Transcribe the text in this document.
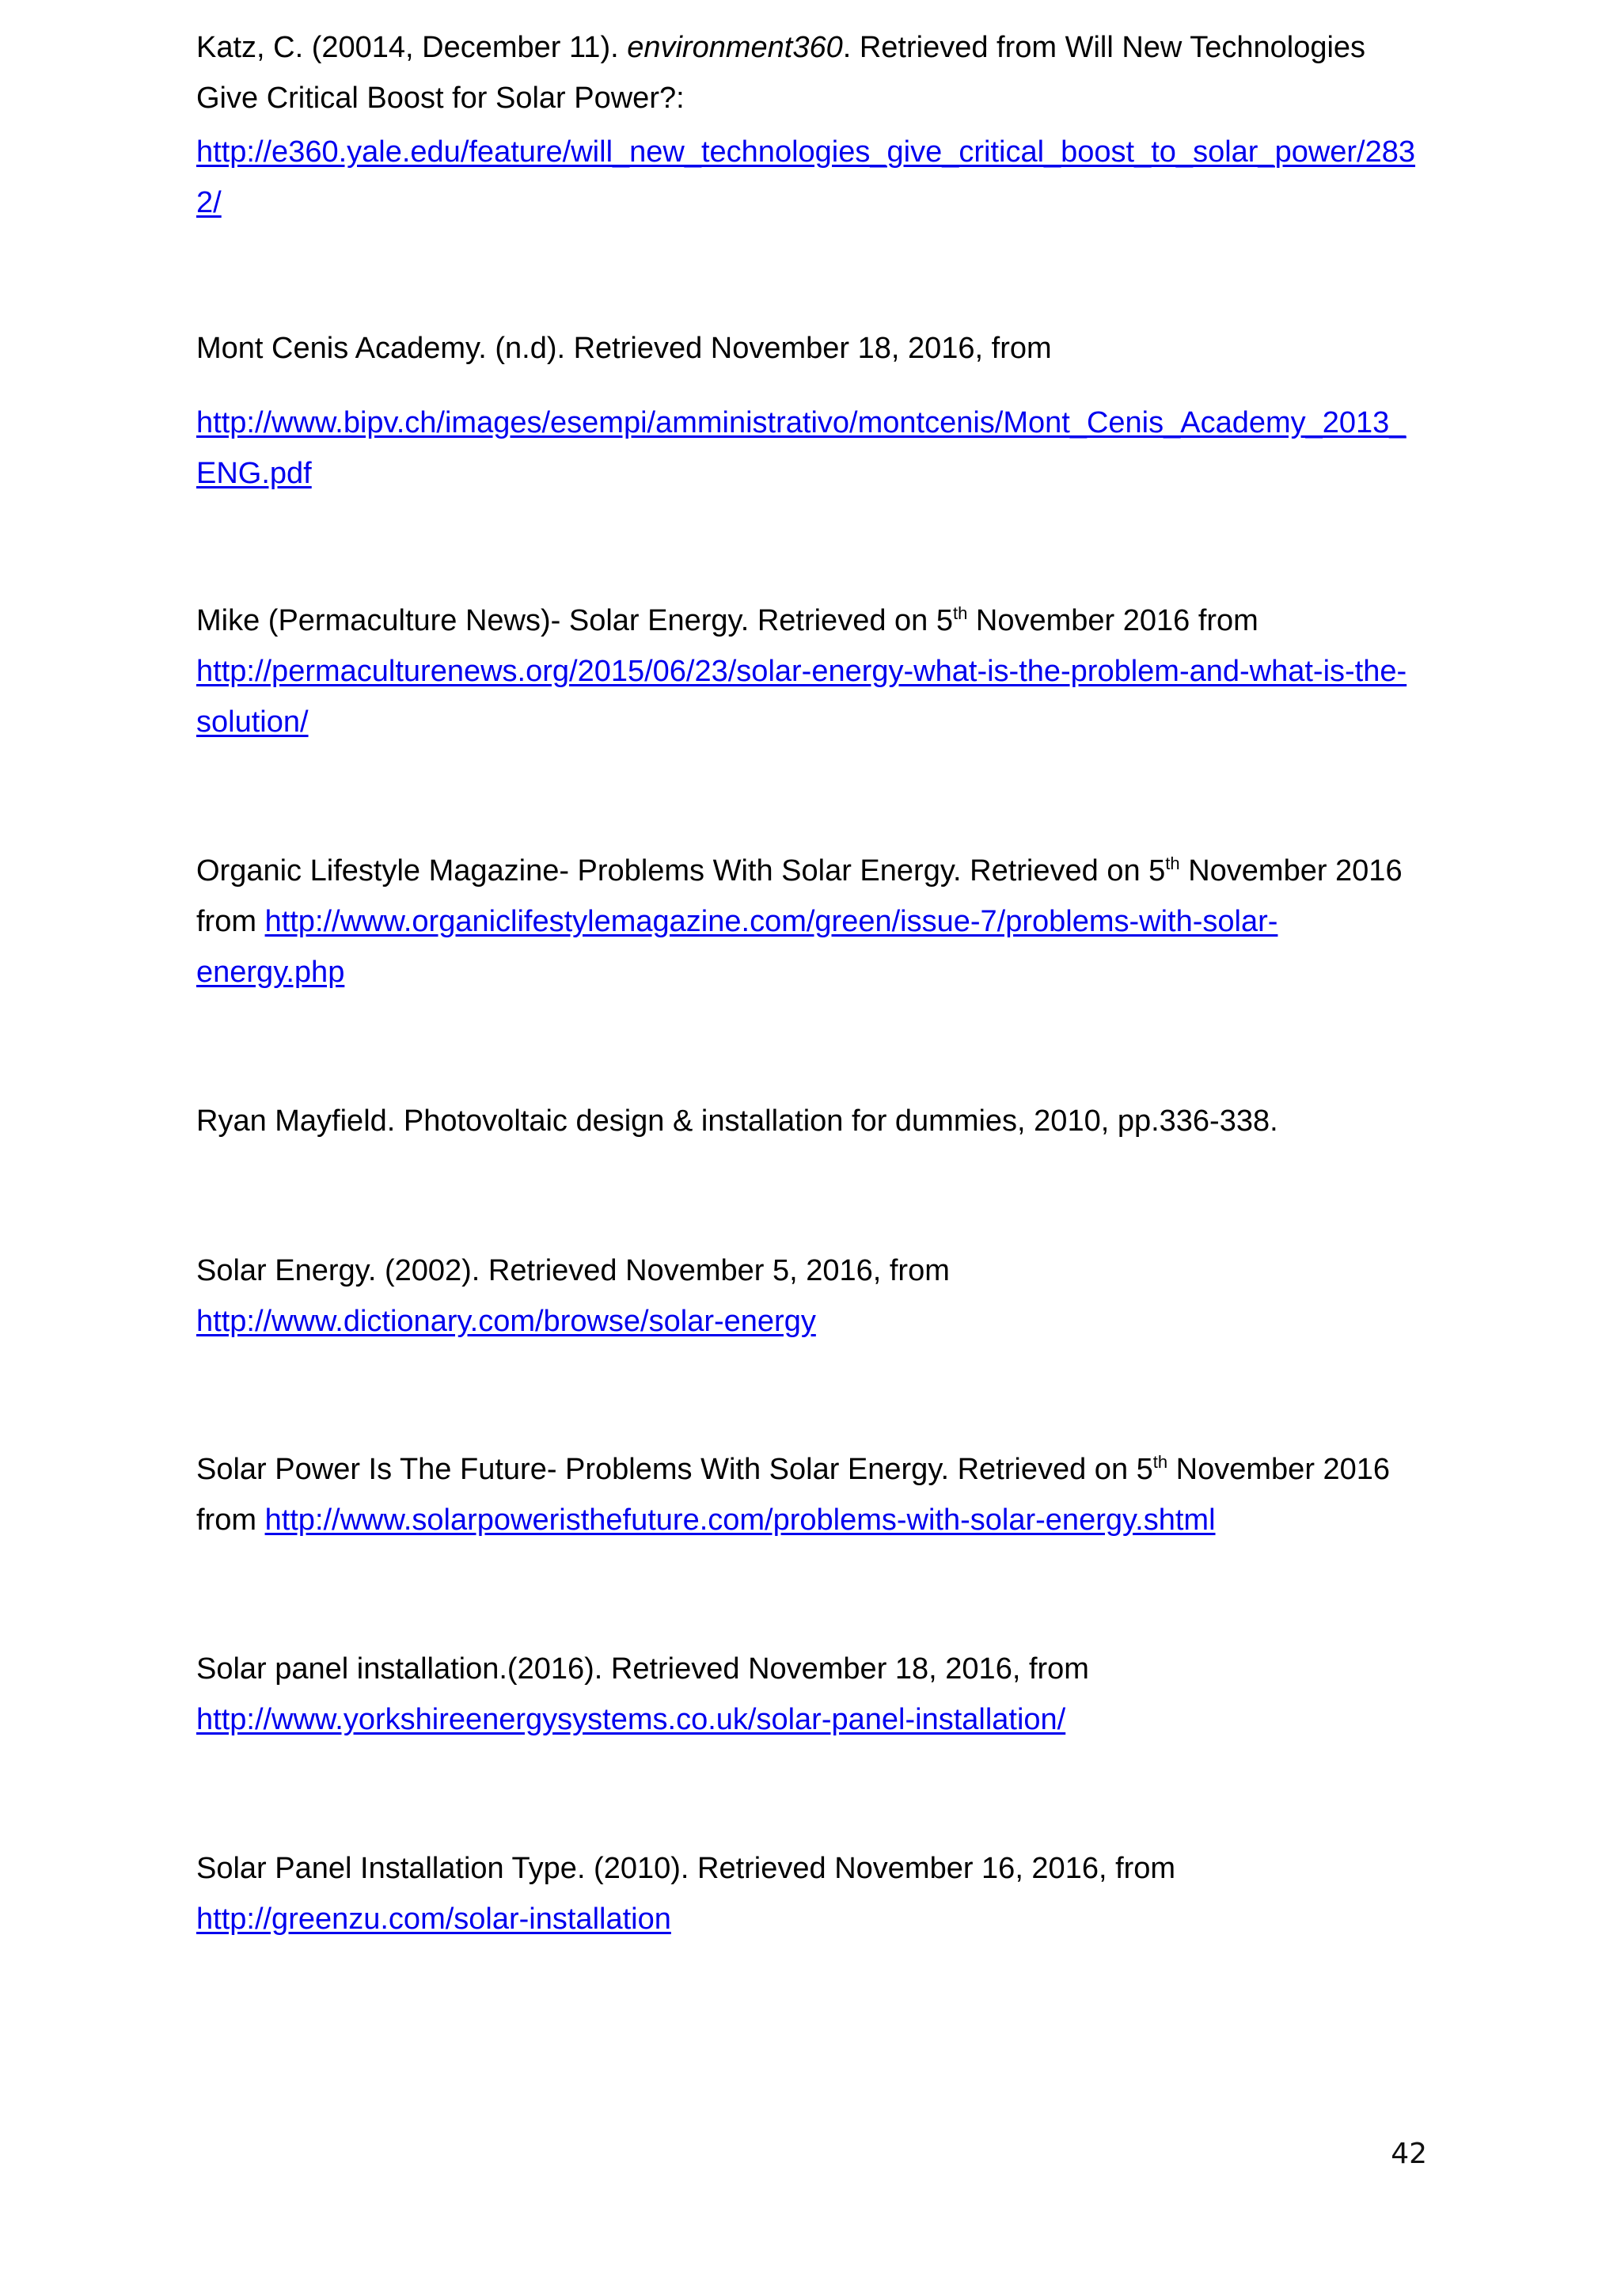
Katz, C. (20014, December 11). environment360. Retrieved from Will New Technologies
Give Critical Boost for Solar Power?:
http://e360.yale.edu/feature/will_new_technologies_give_critical_boost_to_solar_power/283
2/
Mont Cenis Academy. (n.d). Retrieved November 18, 2016, from
http://www.bipv.ch/images/esempi/amministrativo/montcenis/Mont_Cenis_Academy_2013_
ENG.pdf
Mike (Permaculture News)- Solar Energy. Retrieved on 5th November 2016 from
http://permaculturenews.org/2015/06/23/solar-energy-what-is-the-problem-and-what-is-the-
solution/
Organic Lifestyle Magazine- Problems With Solar Energy. Retrieved on 5th November 2016
from http://www.organiclifestylemagazine.com/green/issue-7/problems-with-solar-
energy.php
Ryan Mayfield. Photovoltaic design & installation for dummies, 2010, pp.336-338.
Solar Energy. (2002). Retrieved November 5, 2016, from
http://www.dictionary.com/browse/solar-energy
Solar Power Is The Future- Problems With Solar Energy. Retrieved on 5th November 2016
from http://www.solarpoweristhefuture.com/problems-with-solar-energy.shtml
Solar panel installation.(2016). Retrieved November 18, 2016, from
http://www.yorkshireenergysystems.co.uk/solar-panel-installation/
Solar Panel Installation Type. (2010). Retrieved November 16, 2016, from
http://greenzu.com/solar-installation
42
